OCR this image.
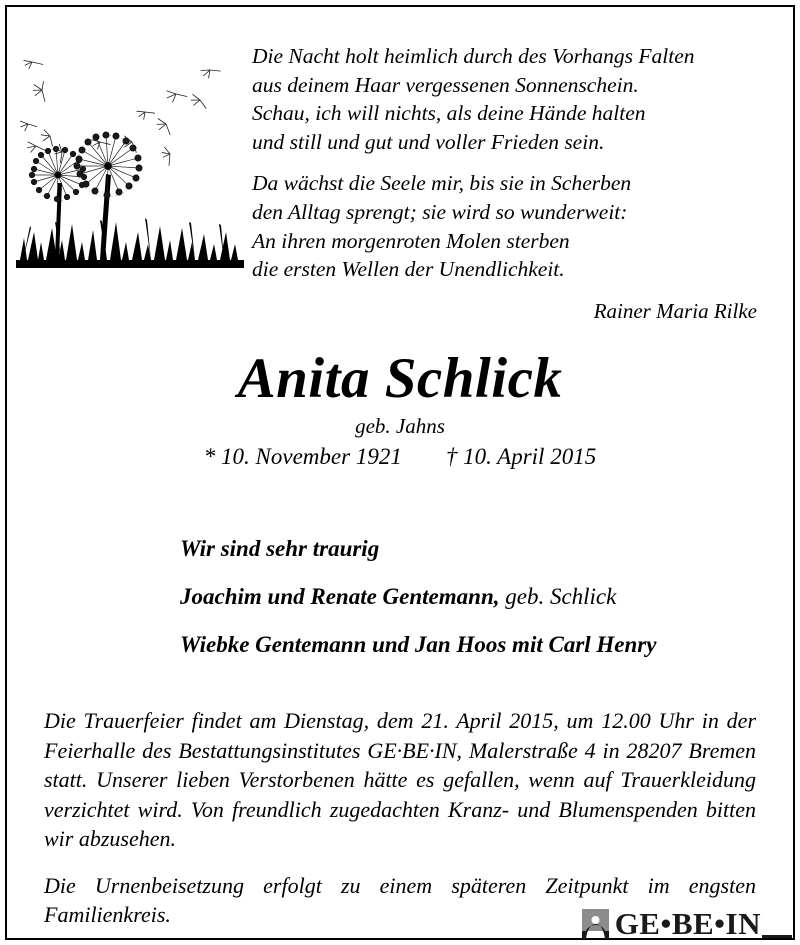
Die Nacht holt heimlich durch des Vorhangs Falten
aus deinem Haar vergessenen Sonnenschein.
Schau, ich will nichts, als deine Hände halten
und still und gut und voller Frieden sein.
Da wächst die Seele mir, bis sie in Scherben
den Alltag sprengt; sie wird so wunderweit:
An ihren morgenroten Molen sterben
die ersten Wellen der Unendlichkeit.
Rainer Maria Rilke
Anita Schlick
geb. Jahns
* 10. November 1921 † 10. April 2015
Wir sind sehr traurig
Joachim und Renate Gentemann, geb. Schlick
Wiebke Gentemann und Jan Hoos mit Carl Henry

Die Trauerfeier findet am Dienstag, dem 21. April 2015, um 12.00 Uhr in der Feierhalle des Bestattungsinstitutes GE·BE·IN, Malerstraße 4 in 28207 Bremen statt. Unserer lieben Verstorbenen hätte es gefallen, wenn auf Trauerkleidung verzichtet wird. Von freundlich zugedachten Kranz- und Blumenspenden bitten wir abzusehen.

Die Urnenbeisetzung erfolgt zu einem späteren Zeitpunkt im engsten Familienkreis.	GE•BE•IN
